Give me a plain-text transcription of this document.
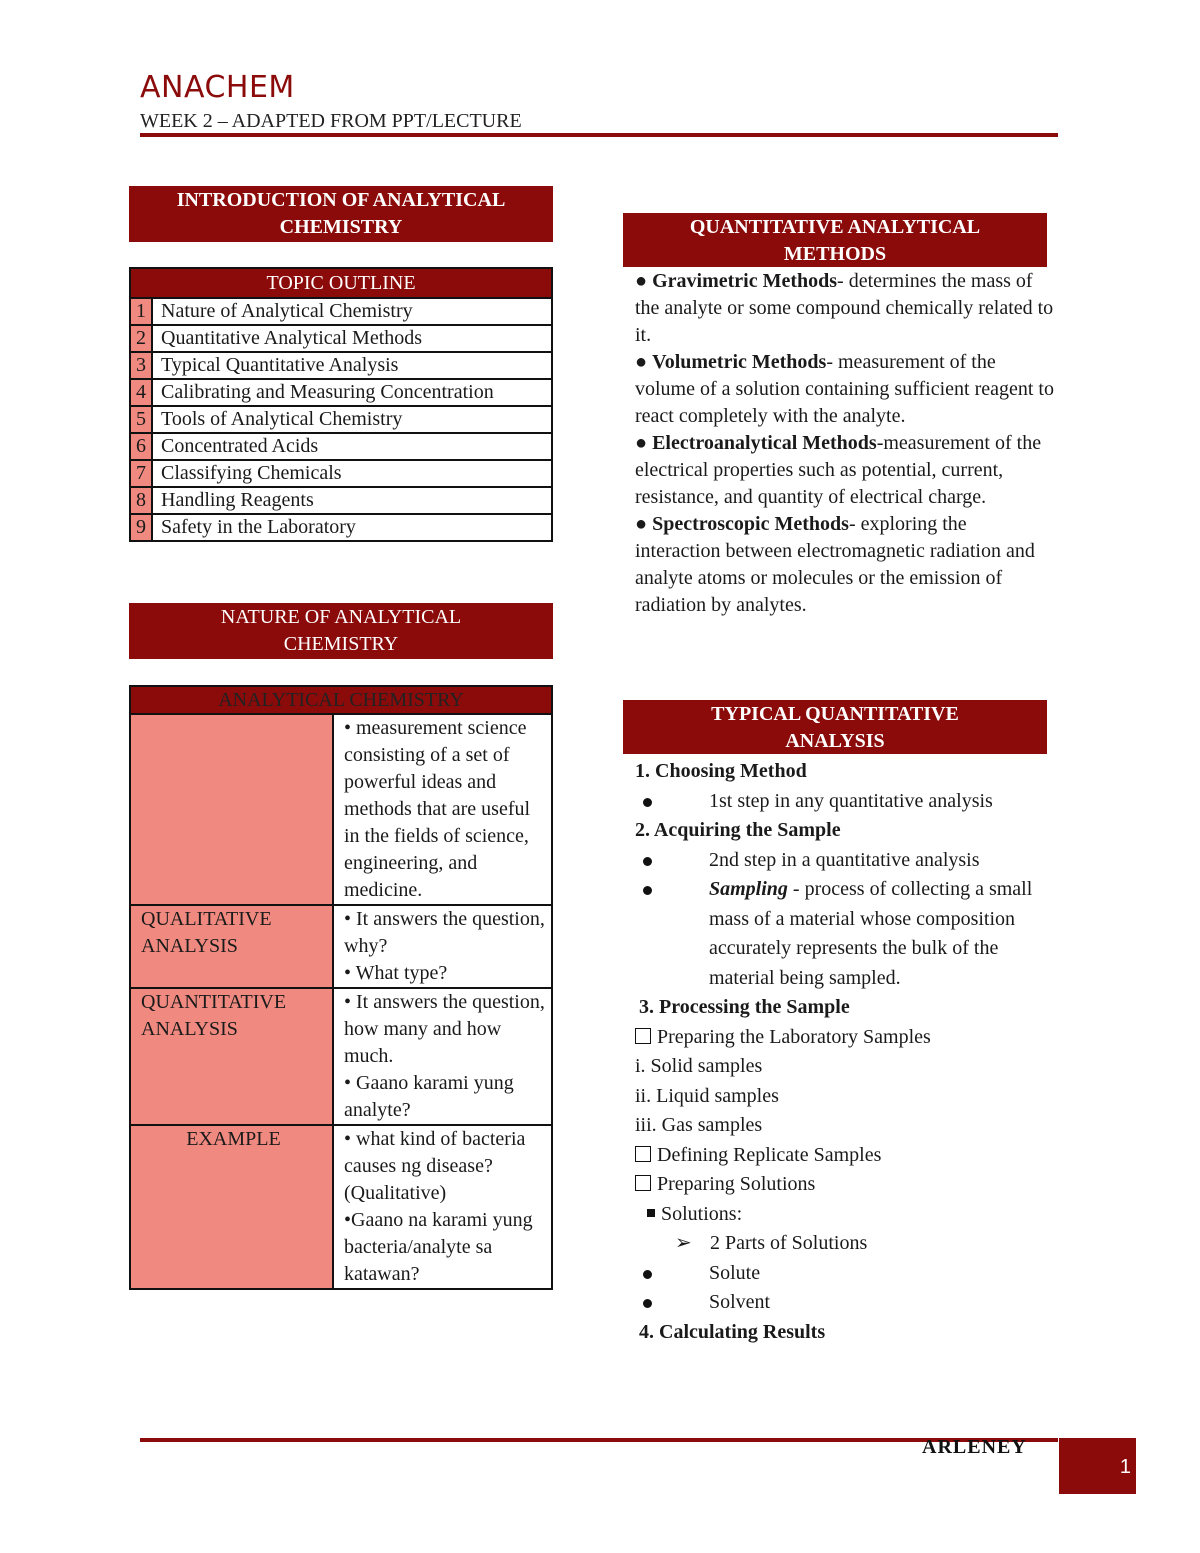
ANACHEM
WEEK 2 – ADAPTED FROM PPT/LECTURE
INTRODUCTION OF ANALYTICAL
CHEMISTRY
TOPIC OUTLINE	
1	Nature of Analytical Chemistry
2	Quantitative Analytical Methods
3	Typical Quantitative Analysis
4	Calibrating and Measuring Concentration
5	Tools of Analytical Chemistry
6	Concentrated Acids
7	Classifying Chemicals
8	Handling Reagents
9	Safety in the Laboratory
NATURE OF ANALYTICAL
CHEMISTRY
ANALYTICAL CHEMISTRY	
	• measurement science consisting of a set of powerful ideas and methods that are useful in the fields of science, engineering, and medicine.
QUALITATIVE ANALYSIS	• It answers the question, why?
• What type?

QUANTITATIVE ANALYSIS	• It answers the question, how many and how much.
• Gaano karami yung analyte?

EXAMPLE	• what kind of bacteria causes ng disease? (Qualitative)
•Gaano na karami yung bacteria/analyte sa katawan?
QUANTITATIVE ANALYTICAL
METHODS
● Gravimetric Methods- determines the mass of the analyte or some compound chemically related to it.
● Volumetric Methods- measurement of the volume of a solution containing sufficient reagent to react completely with the analyte.
● Electroanalytical Methods-measurement of the electrical properties such as potential, current, resistance, and quantity of electrical charge.
● Spectroscopic Methods- exploring the interaction between electromagnetic radiation and analyte atoms or molecules or the emission of radiation by analytes.
TYPICAL QUANTITATIVE
ANALYSIS
1. Choosing Method
1st step in any quantitative analysis
2. Acquiring the Sample
2nd step in a quantitative analysis
Sampling - process of collecting a small mass of a material whose composition accurately represents the bulk of the material being sampled.
3. Processing the Sample
Preparing the Laboratory Samples
i. Solid samples
ii. Liquid samples
iii. Gas samples
Defining Replicate Samples
Preparing Solutions
Solutions:
➢ 2 Parts of Solutions
Solute
Solvent
4. Calculating Results
ARLENEY
1
